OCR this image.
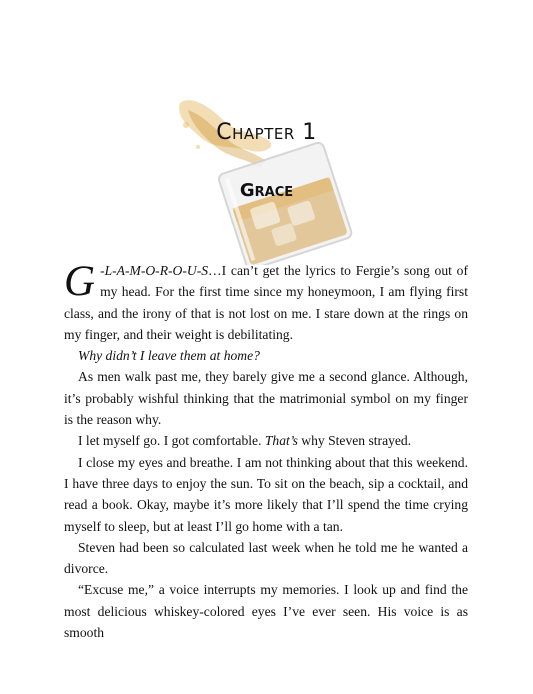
Chapter 1
Grace

G -L-A-M-O-R-O-U-S…I can’t get the lyrics to Fergie’s song out of my head. For the first time since my honeymoon, I am flying first class, and the irony of that is not lost on me. I stare down at the rings on my finger, and their weight is debilitating.

Why didn’t I leave them at home?

As men walk past me, they barely give me a second glance. Although, it’s probably wishful thinking that the matrimonial symbol on my finger is the reason why.

I let myself go. I got comfortable. That’s why Steven strayed.

I close my eyes and breathe. I am not thinking about that this weekend. I have three days to enjoy the sun. To sit on the beach, sip a cocktail, and read a book. Okay, maybe it’s more likely that I’ll spend the time crying myself to sleep, but at least I’ll go home with a tan.

Steven had been so calculated last week when he told me he wanted a divorce.

“Excuse me,” a voice interrupts my memories. I look up and find the most delicious whiskey-colored eyes I’ve ever seen. His voice is as smooth
